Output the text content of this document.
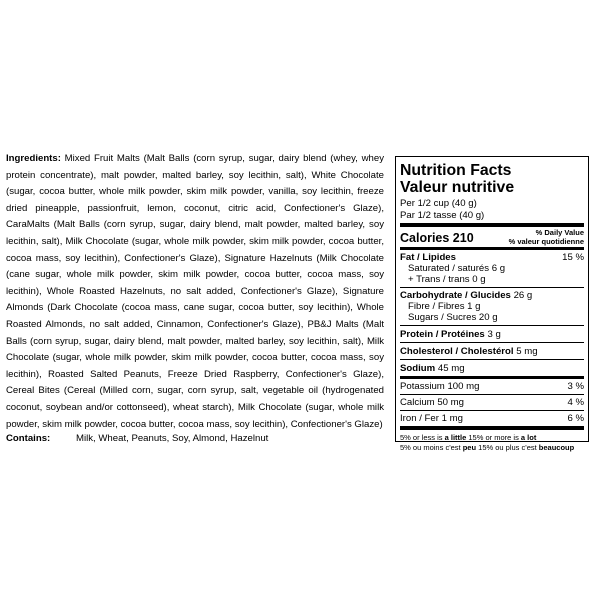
Ingredients: Mixed Fruit Malts (Malt Balls (corn syrup, sugar, dairy blend (whey, whey protein concentrate), malt powder, malted barley, soy lecithin, salt), White Chocolate (sugar, cocoa butter, whole milk powder, skim milk powder, vanilla, soy lecithin, freeze dried pineapple, passionfruit, lemon, coconut, citric acid, Confectioner's Glaze), CaraMalts (Malt Balls (corn syrup, sugar, dairy blend, malt powder, malted barley, soy lecithin, salt), Milk Chocolate (sugar, whole milk powder, skim milk powder, cocoa butter, cocoa mass, soy lecithin), Confectioner's Glaze), Signature Hazelnuts (Milk Chocolate (cane sugar, whole milk powder, skim milk powder, cocoa butter, cocoa mass, soy lecithin), Whole Roasted Hazelnuts, no salt added, Confectioner's Glaze), Signature Almonds (Dark Chocolate (cocoa mass, cane sugar, cocoa butter, soy lecithin), Whole Roasted Almonds, no salt added, Cinnamon, Confectioner's Glaze), PB&J Malts (Malt Balls (corn syrup, sugar, dairy blend, malt powder, malted barley, soy lecithin, salt), Milk Chocolate (sugar, whole milk powder, skim milk powder, cocoa butter, cocoa mass, soy lecithin), Roasted Salted Peanuts, Freeze Dried Raspberry, Confectioner's Glaze), Cereal Bites (Cereal (Milled corn, sugar, corn syrup, salt, vegetable oil (hydrogenated coconut, soybean and/or cottonseed), wheat starch), Milk Chocolate (sugar, whole milk powder, skim milk powder, cocoa butter, cocoa mass, soy lecithin), Confectioner's Glaze)
Contains:	Milk, Wheat, Peanuts, Soy, Almond, Hazelnut
Nutrition Facts
Valeur nutritive
Per 1/2 cup (40 g)
Par 1/2 tasse (40 g)
Calories 210	% Daily Value
% valeur quotidienne
Fat / Lipides	15 %
Saturated / saturés 6 g
+ Trans / trans 0 g
Carbohydrate / Glucides 26 g
Fibre / Fibres 1 g
Sugars / Sucres 20 g
Protein / Protéines 3 g
Cholesterol / Cholestérol 5 mg
Sodium 45 mg
Potassium 100 mg	3 %
Calcium 50 mg	4 %
Iron / Fer 1 mg	6 %
5% or less is a little 15% or more is a lot
5% ou moins c'est peu 15% ou plus c'est beaucoup
